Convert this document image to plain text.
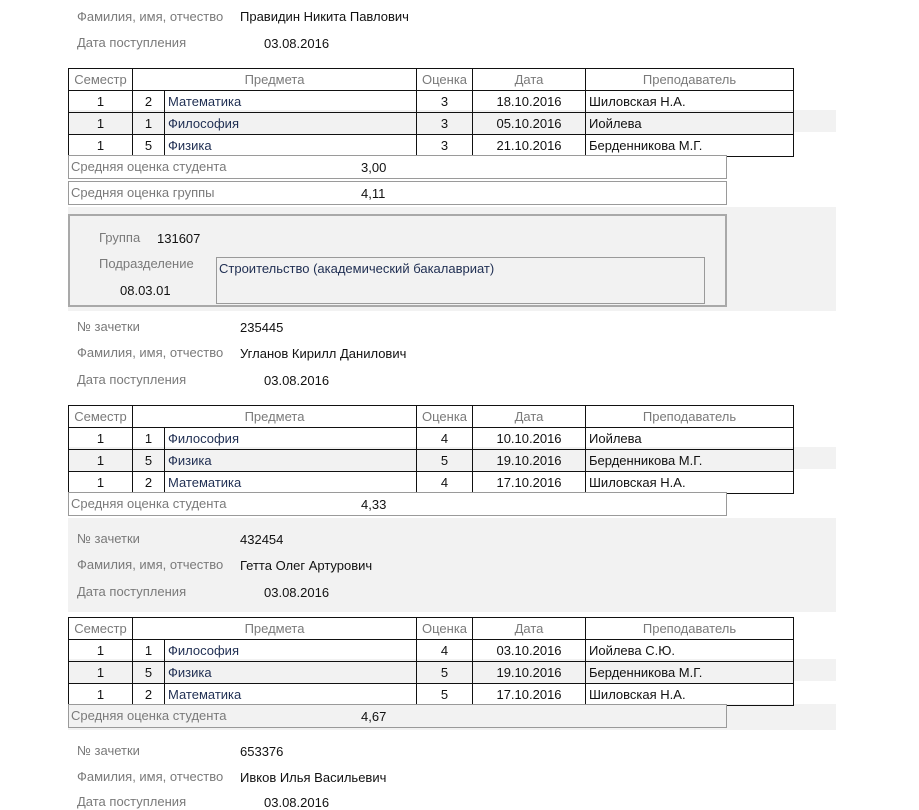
Фамилия, имя, отчество Правидин Никита Павлович
Дата поступления	03.08.2016
Семестр	Предмета		Оценка	Дата	Преподаватель
1	2	Математика	3	18.10.2016	Шиловская Н.А.
1	1	Философия	3	05.10.2016	Иойлева
1	5	Физика	3	21.10.2016	Берденникова М.Г.
Средняя оценка студента	3,00
Средняя оценка группы	4,11
Группа 131607
Подразделение Строительство (академический бакалавриат)
08.03.01
№ зачетки	235445
Фамилия, имя, отчество Угланов Кирилл Данилович
Дата поступления	03.08.2016
Семестр	Предмета		Оценка	Дата	Преподаватель
1	1	Философия	4	10.10.2016	Иойлева
1	5	Физика	5	19.10.2016	Берденникова М.Г.
1	2	Математика	4	17.10.2016	Шиловская Н.А.
Средняя оценка студента	4,33
№ зачетки	432454
Фамилия, имя, отчество Гетта Олег Артурович
Дата поступления	03.08.2016
Семестр	Предмета		Оценка	Дата	Преподаватель
1	1	Философия	4	03.10.2016	Иойлева С.Ю.
1	5	Физика	5	19.10.2016	Берденникова М.Г.
1	2	Математика	5	17.10.2016	Шиловская Н.А.
Средняя оценка студента	4,67
№ зачетки	653376
Фамилия, имя, отчество Ивков Илья Васильевич
Дата поступления	03.08.2016
